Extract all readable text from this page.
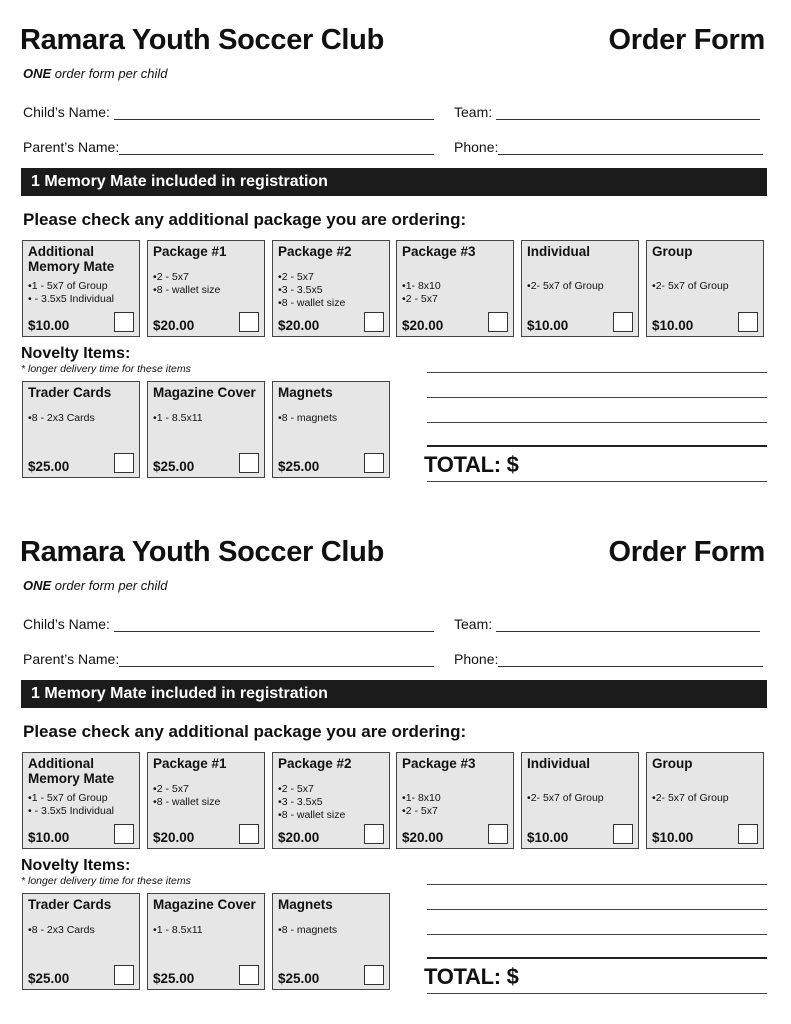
Ramara Youth Soccer Club	Order Form
ONE order form per child
Child’s Name:	Team:
Parent’s Name:	Phone:
1 Memory Mate included in registration
Please check any additional package you are ordering:
Additional Memory Mate
• 1 - 5x7 of Group
• - 3.5x5 Individual
$10.00
Package #1
• 2 - 5x7
• 8 - wallet size
$20.00
Package #2
• 2 - 5x7
• 3 - 3.5x5
• 8 - wallet size
$20.00
Package #3
• 1- 8x10
• 2 - 5x7
$20.00
Individual
• 2- 5x7 of Group
$10.00
Group
• 2- 5x7 of Group
$10.00
Novelty Items:
* longer delivery time for these items
Trader Cards
• 8 - 2x3 Cards
$25.00
Magazine Cover
• 1 - 8.5x11
$25.00
Magnets
• 8 - magnets
$25.00	TOTAL: $
Ramara Youth Soccer Club	Order Form
ONE order form per child
Child’s Name:	Team:
Parent’s Name:	Phone:
1 Memory Mate included in registration
Please check any additional package you are ordering:
Additional Memory Mate
• 1 - 5x7 of Group
• - 3.5x5 Individual
$10.00
Package #1
• 2 - 5x7
• 8 - wallet size
$20.00
Package #2
• 2 - 5x7
• 3 - 3.5x5
• 8 - wallet size
$20.00
Package #3
• 1- 8x10
• 2 - 5x7
$20.00
Individual
• 2- 5x7 of Group
$10.00
Group
• 2- 5x7 of Group
$10.00
Novelty Items:
* longer delivery time for these items
Trader Cards
• 8 - 2x3 Cards
$25.00
Magazine Cover
• 1 - 8.5x11
$25.00
Magnets
• 8 - magnets
$25.00	TOTAL: $
